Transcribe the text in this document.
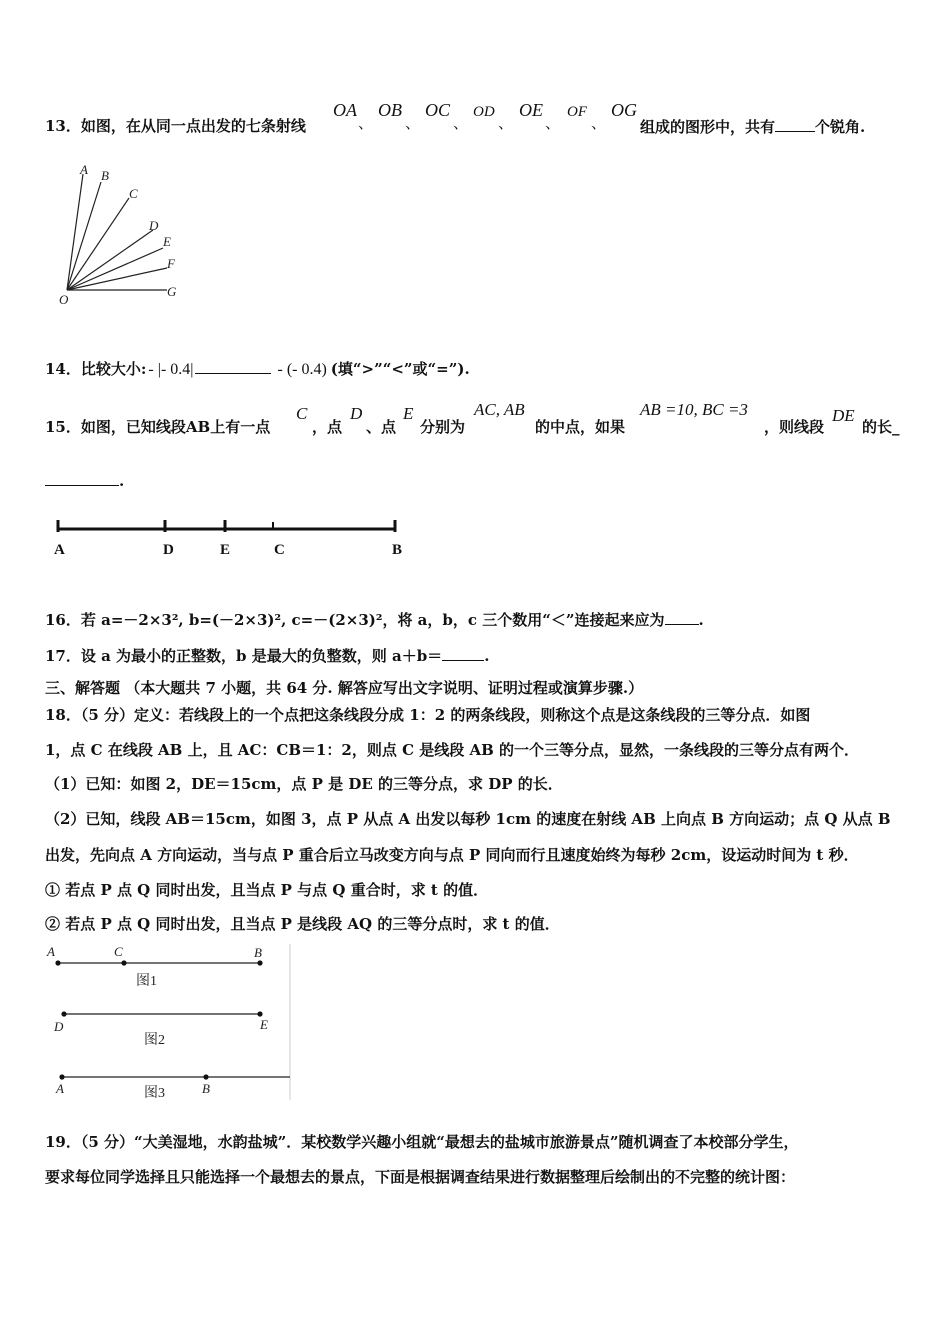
13．如图，在从同一点出发的七条射线
OA
、
OB
、
OC
、
OD
、
OE
、
OF
、
OG
组成的图形中，共有	个锐角.
A B
C
D
E
F
G
O
14．比较大小: - |- 0.4|	- (- 0.4) (填“>”“<”或“=”).
15．如图，已知线段AB上有一点
C
，点
D
、点
E
分别为
AC, AB
的中点，如果
AB =10, BC =3
，则线段
DE
的长_
.
A	D	E	C	B
16．若 a=－2×3², b=(－2×3)², c=－(2×3)²，将 a，b，c 三个数用“＜”连接起来应为 .
17．设 a 为最小的正整数，b 是最大的负整数，则 a＋b＝	.
三、解答题 （本大题共 7 小题，共 64 分. 解答应写出文字说明、证明过程或演算步骤.）
18．（5 分）定义：若线段上的一个点把这条线段分成 1：2 的两条线段，则称这个点是这条线段的三等分点．如图
1，点 C 在线段 AB 上，且 AC：CB＝1：2，则点 C 是线段 AB 的一个三等分点，显然，一条线段的三等分点有两个．
（1）已知：如图 2，DE＝15cm，点 P 是 DE 的三等分点，求 DP 的长．
（2）已知，线段 AB＝15cm，如图 3，点 P 从点 A 出发以每秒 1cm 的速度在射线 AB 上向点 B 方向运动；点 Q 从点 B
出发，先向点 A 方向运动，当与点 P 重合后立马改变方向与点 P 同向而行且速度始终为每秒 2cm，设运动时间为 t 秒．
① 若点 P 点 Q 同时出发，且当点 P 与点 Q 重合时，求 t 的值．
② 若点 P 点 Q 同时出发，且当点 P 是线段 AQ 的三等分点时，求 t 的值．
A	C	B
图1
D	E
图2
A	B
图3
19．（5 分）“大美湿地，水韵盐城”．某校数学兴趣小组就“最想去的盐城市旅游景点”随机调查了本校部分学生，
要求每位同学选择且只能选择一个最想去的景点，下面是根据调查结果进行数据整理后绘制出的不完整的统计图：
